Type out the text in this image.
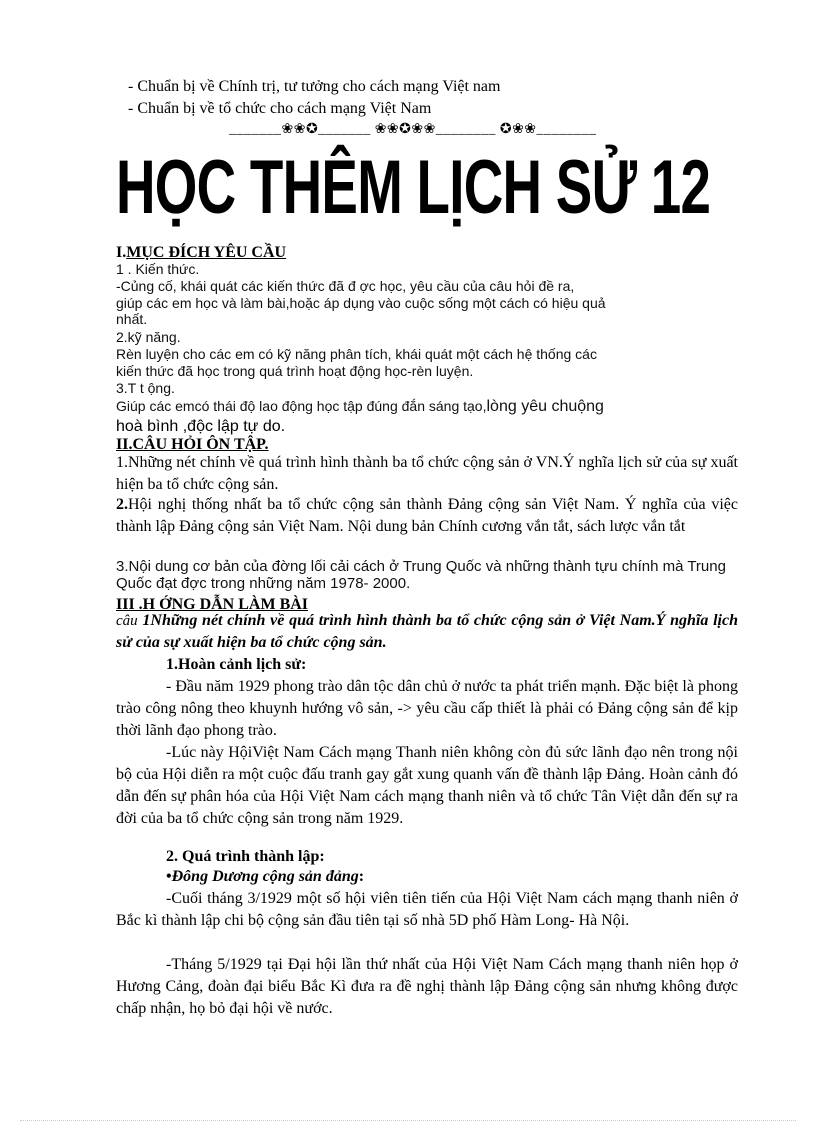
- Chuẩn bị về Chính trị, tư tưởng cho cách mạng Việt nam
- Chuẩn bị về tổ chức cho cách mạng Việt Nam
_______❀❀✪_______ ❀❀✪❀❀________ ✪❀❀________
HỌC THÊM LỊCH SỬ 12
I.MỤC ĐÍCH YÊU CẦU
1 . Kiến thức.
-Củng cố, khái quát các kiến thức đã đ ợc học, yêu cầu của câu hỏi đề ra,
giúp các em học và làm bài,hoặc áp dụng vào cuộc sống một cách có hiệu quả
nhất.
2.kỹ năng.
Rèn luyện cho các em có kỹ năng phân tích, khái quát một cách hệ thống các
kiến thức đã học trong quá trình hoạt động học-rèn luyện.
3.T t ộng.
Giúp các emcó thái độ lao động học tập đúng đắn sáng tạo,lòng yêu chuộng
hoà bình ,độc lập tự do.
II.CÂU HỎI ÔN TẬP.
1.Những nét chính về quá trình hình thành ba tổ chức cộng sản ở VN.Ý nghĩa lịch sử của sự xuất hiện ba tổ chức cộng sản.
2.Hội nghị thống nhất ba tổ chức cộng sản thành Đảng cộng sản Việt Nam. Ý nghĩa của việc thành lập Đảng cộng sản Việt Nam. Nội dung bản Chính cương vắn tắt, sách lược vắn tắt
3.Nội dung cơ bản của đờng lối cải cách ở Trung Quốc và những thành tựu chính mà Trung Quốc đạt đợc trong những năm 1978- 2000.
III .H ỚNG DẪN LÀM BÀI
câu 1Những nét chính về quá trình hình thành ba tổ chức cộng sản ở Việt Nam.Ý nghĩa lịch sử của sự xuất hiện ba tổ chức cộng sản.
1.Hoàn cảnh lịch sử:
- Đầu năm 1929 phong trào dân tộc dân chủ ở nước ta phát triển mạnh. Đặc biệt là phong trào công nông theo khuynh hướng vô sản, -> yêu cầu cấp thiết là phải có Đảng cộng sản để kịp thời lãnh đạo phong trào.
-Lúc này HộiViệt Nam Cách mạng Thanh niên không còn đủ sức lãnh đạo nên trong nội bộ của Hội diễn ra một cuộc đấu tranh gay gắt xung quanh vấn đề thành lập Đảng. Hoàn cảnh đó dẫn đến sự phân hóa của Hội Việt Nam cách mạng thanh niên và tổ chức Tân Việt dẫn đến sự ra đời của ba tổ chức cộng sản trong năm 1929.
2. Quá trình thành lập:
•Đông Dương cộng sản đảng:
-Cuối tháng 3/1929 một số hội viên tiên tiến của Hội Việt Nam cách mạng thanh niên ở Bắc kì thành lập chi bộ cộng sản đầu tiên tại số nhà 5D phố Hàm Long- Hà Nội.
-Tháng 5/1929 tại Đại hội lần thứ nhất của Hội Việt Nam Cách mạng thanh niên họp ở Hương Cảng, đoàn đại biểu Bắc Kì đưa ra đề nghị thành lập Đảng cộng sản nhưng không được chấp nhận, họ bỏ đại hội về nước.
